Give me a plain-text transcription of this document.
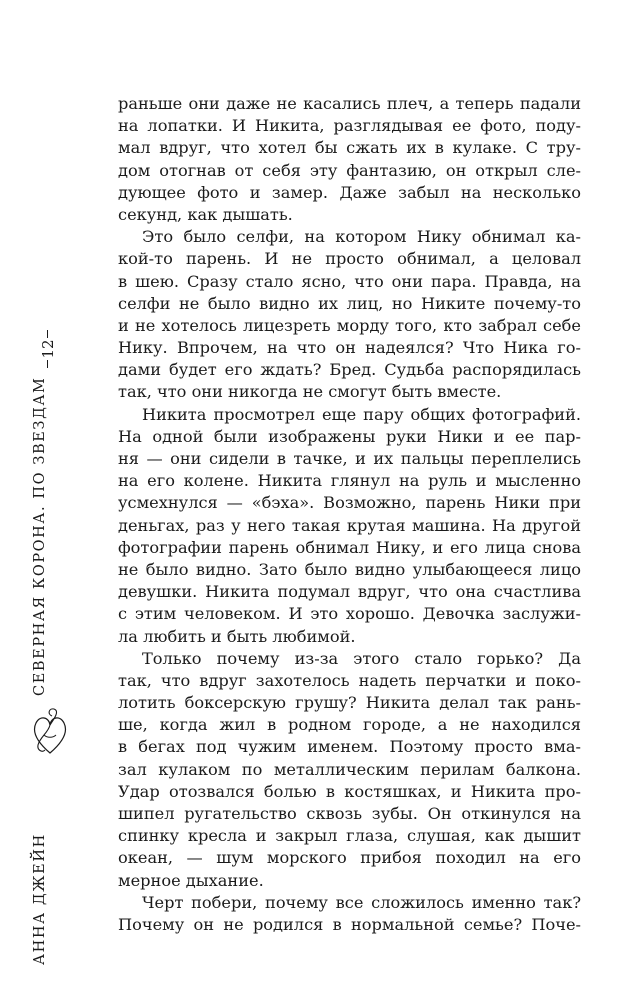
раньше они даже не касались плеч, а теперь падали
на лопатки. И Никита, разглядывая ее фото, поду-
мал вдруг, что хотел бы сжать их в кулаке. С тру-
дом отогнав от себя эту фантазию, он открыл сле-
дующее фото и замер. Даже забыл на несколько
секунд, как дышать.
Это было селфи, на котором Нику обнимал ка-
кой-то парень. И не просто обнимал, а целовал
в шею. Сразу стало ясно, что они пара. Правда, на
селфи не было видно их лиц, но Никите почему-то
и не хотелось лицезреть морду того, кто забрал себе
Нику. Впрочем, на что он надеялся? Что Ника го-
дами будет его ждать? Бред. Судьба распорядилась
так, что они никогда не смогут быть вместе.
Никита просмотрел еще пару общих фотографий.
На одной были изображены руки Ники и ее пар-
ня — они сидели в тачке, и их пальцы переплелись
на его колене. Никита глянул на руль и мысленно
усмехнулся — «бэха». Возможно, парень Ники при
деньгах, раз у него такая крутая машина. На другой
фотографии парень обнимал Нику, и его лица снова
не было видно. Зато было видно улыбающееся лицо
девушки. Никита подумал вдруг, что она счастлива
с этим человеком. И это хорошо. Девочка заслужи-
ла любить и быть любимой.
Только почему из-за этого стало горько? Да
так, что вдруг захотелось надеть перчатки и поко-
лотить боксерскую грушу? Никита делал так рань-
ше, когда жил в родном городе, а не находился
в бегах под чужим именем. Поэтому просто вма-
зал кулаком по металлическим перилам балкона.
Удар отозвался болью в костяшках, и Никита про-
шипел ругательство сквозь зубы. Он откинулся на
спинку кресла и закрыл глаза, слушая, как дышит
океан, — шум морского прибоя походил на его
мерное дыхание.
Черт побери, почему все сложилось именно так?
Почему он не родился в нормальной семье? Поче-
12
СЕВЕРНАЯ КОРОНА. ПО ЗВЕЗДАМ
АННА ДЖЕЙН
